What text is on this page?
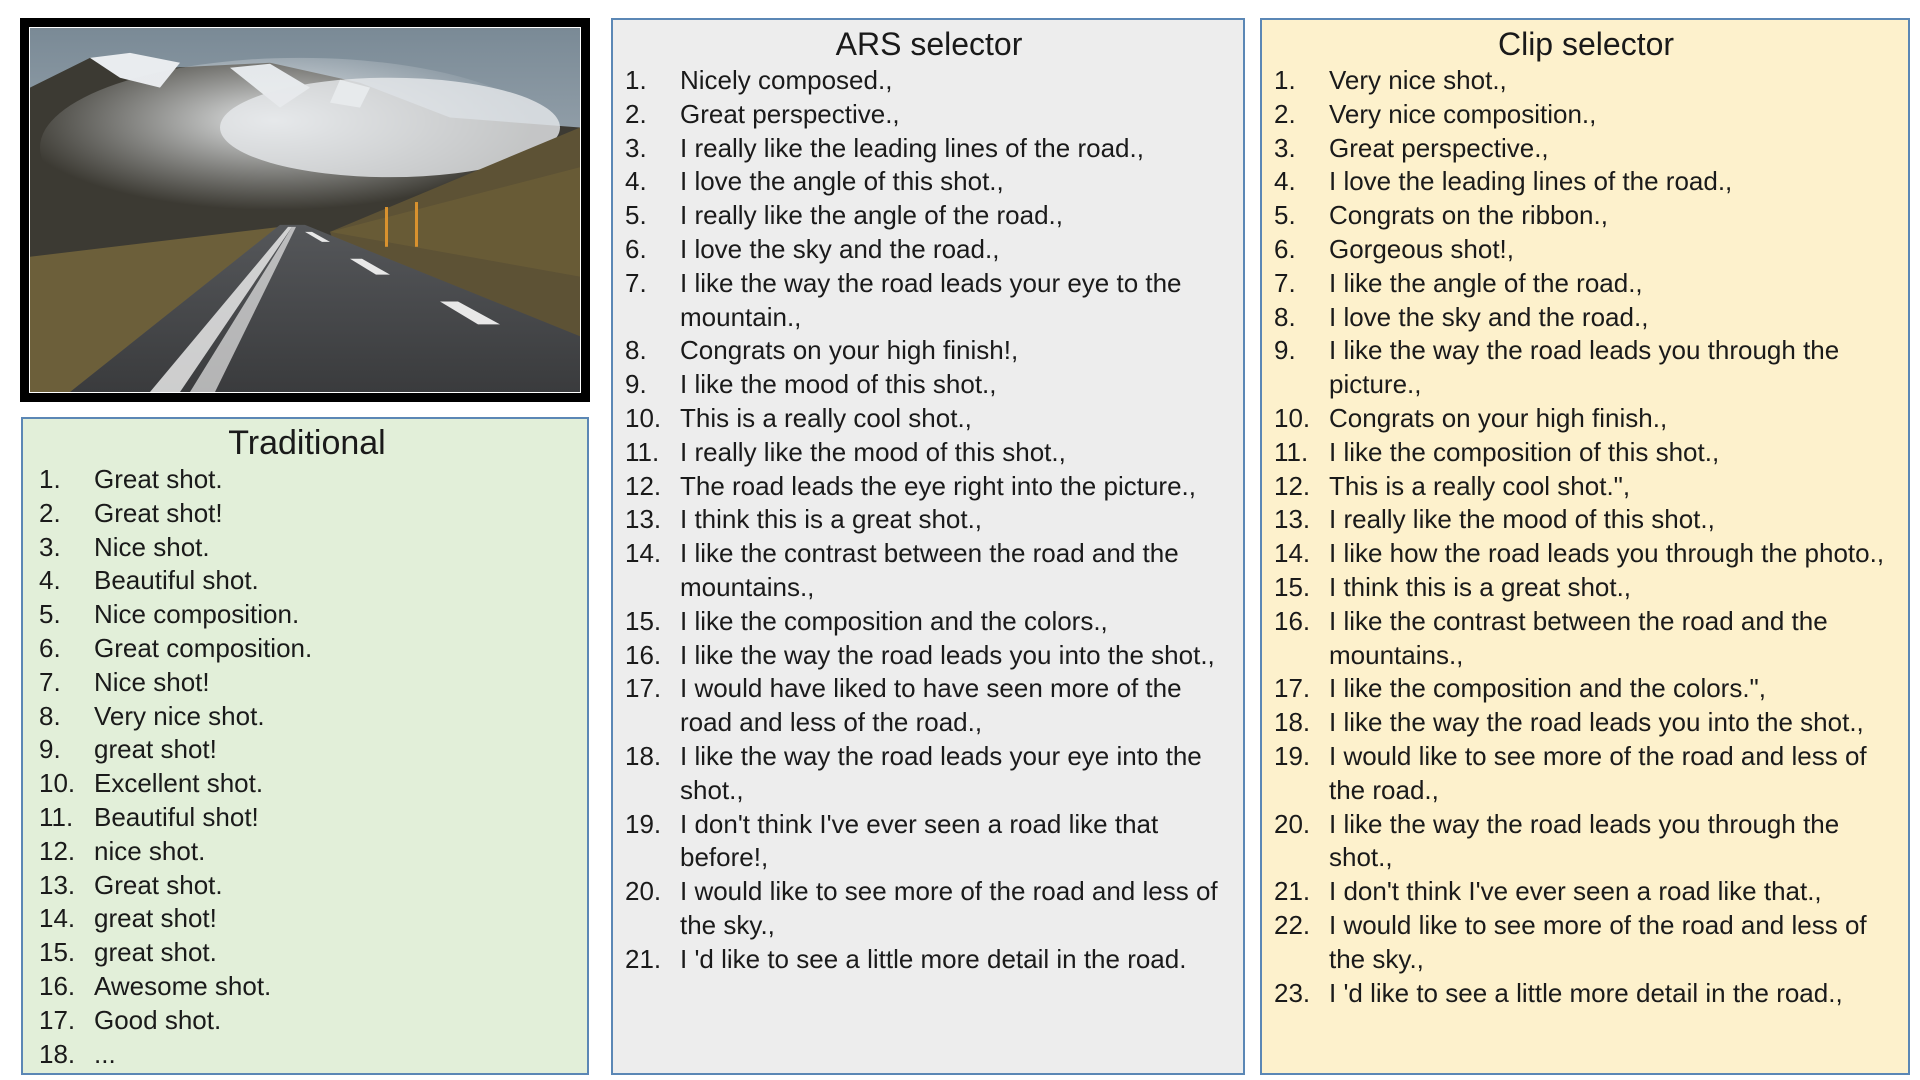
Traditional
1.	Great shot.
2.	Great shot!
3.	Nice shot.
4.	Beautiful shot.
5.	Nice composition.
6.	Great composition.
7.	Nice shot!
8.	Very nice shot.
9.	great shot!
10. Excellent shot.
11. Beautiful shot!
12. nice shot.
13. Great shot.
14. great shot!
15. great shot.
16. Awesome shot.
17. Good shot.
18. ...
ARS selector
1.	Nicely composed.,
2.	Great perspective.,
3.	I really like the leading lines of the road.,
4.	I love the angle of this shot.,
5.	I really like the angle of the road.,
6.	I love the sky and the road.,
7.	I like the way the road leads your eye to the mountain.,
8.	Congrats on your high finish!,
9.	I like the mood of this shot.,
10. This is a really cool shot.,
11. I really like the mood of this shot.,
12. The road leads the eye right into the picture.,
13. I think this is a great shot.,
14. I like the contrast between the road and the mountains.,
15. I like the composition and the colors.,
16. I like the way the road leads you into the shot.,
17. I would have liked to have seen more of the road and less of the road.,
18. I like the way the road leads your eye into the shot.,
19. I don't think I've ever seen a road like that before!,
20. I would like to see more of the road and less of the sky.,
21. I 'd like to see a little more detail in the road.
Clip selector
1.	Very nice shot.,
2.	Very nice composition.,
3.	Great perspective.,
4.	I love the leading lines of the road.,
5.	Congrats on the ribbon.,
6.	Gorgeous shot!,
7.	I like the angle of the road.,
8.	I love the sky and the road.,
9.	I like the way the road leads you through the picture.,
10. Congrats on your high finish.,
11. I like the composition of this shot.,
12. This is a really cool shot.",
13. I really like the mood of this shot.,
14. I like how the road leads you through the photo.,
15. I think this is a great shot.,
16. I like the contrast between the road and the mountains.,
17. I like the composition and the colors.",
18. I like the way the road leads you into the shot.,
19. I would like to see more of the road and less of the road.,
20. I like the way the road leads you through the shot.,
21. I don't think I've ever seen a road like that.,
22. I would like to see more of the road and less of the sky.,
23. I 'd like to see a little more detail in the road.,
